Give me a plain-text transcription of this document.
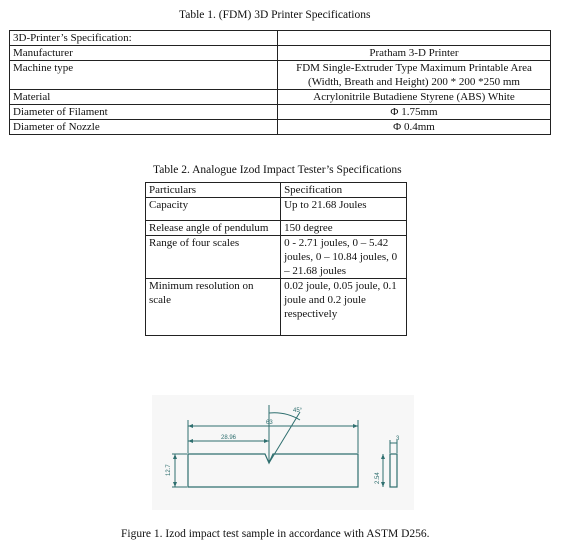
Table 1. (FDM) 3D Printer Specifications
3D-Printer’s Specification:	
Manufacturer	Pratham 3-D Printer
Machine type	FDM Single-Extruder Type Maximum Printable Area (Width, Breath and Height) 200 * 200 *250 mm
Material	Acrylonitrile Butadiene Styrene (ABS) White
Diameter of Filament	Φ 1.75mm
Diameter of Nozzle	Φ 0.4mm
Table 2. Analogue Izod Impact Tester’s Specifications
Particulars	Specification
Capacity	Up to 21.68 Joules
Release angle of pendulum	150 degree
Range of four scales	0 - 2.71 joules, 0 – 5.42 joules, 0 – 10.84 joules, 0 – 21.68 joules
Minimum resolution on scale	0.02 joule, 0.05 joule, 0.1 joule and 0.2 joule respectively
45°
28.96
63
12.7
2.54
3
Figure 1. Izod impact test sample in accordance with ASTM D256.
